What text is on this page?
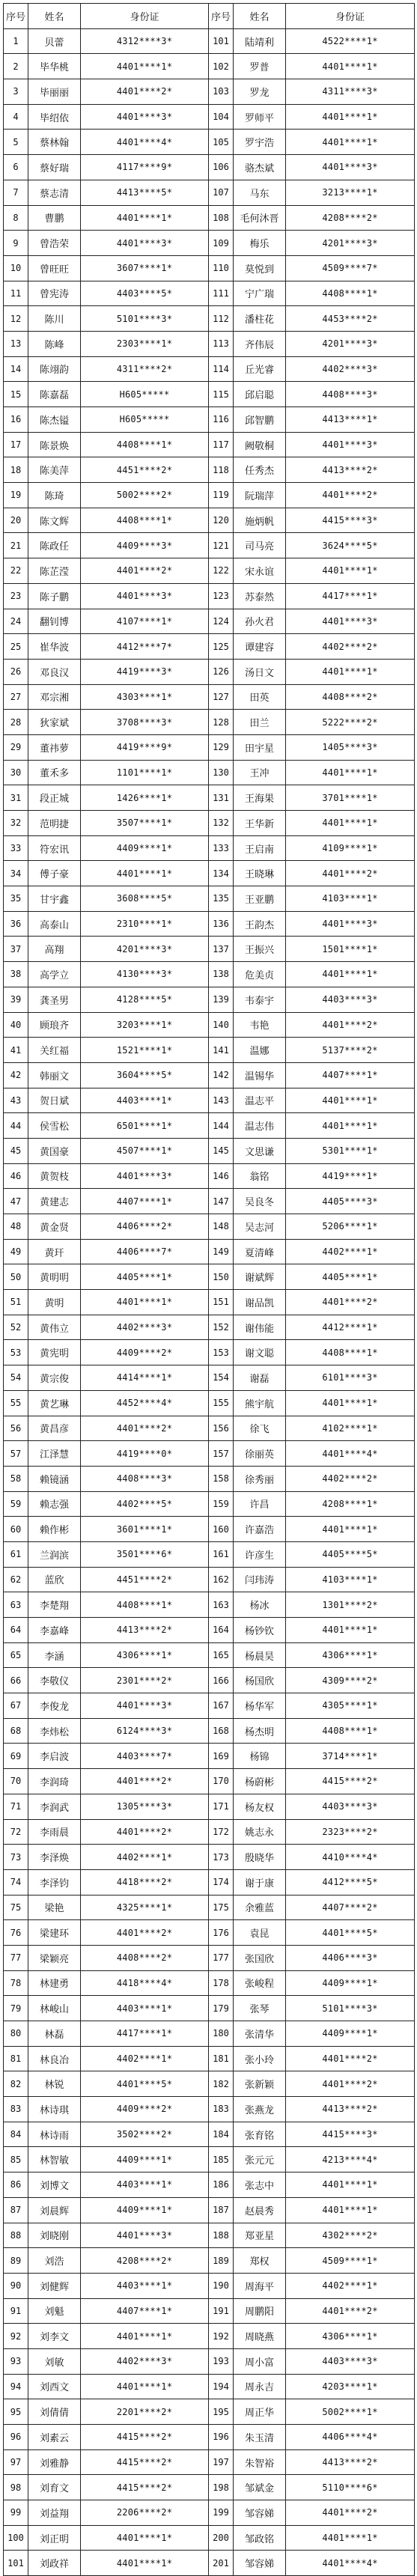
序号	姓名	身份证	序号	姓名	身份证
1	贝蕾	4312****3*	101	陆靖利	4522****1*
2	毕华桃	4401****1*	102	罗普	4401****1*
3	毕丽丽	4401****2*	103	罗龙	4311****3*
4	毕绍依	4401****3*	104	罗师平	4401****1*
5	蔡林翰	4401****4*	105	罗宇浩	4401****1*
6	蔡好瑞	4117****9*	106	骆杰斌	4401****3*
7	蔡志清	4413****5*	107	马东	3213****1*
8	曹鹏	4401****1*	108	毛何沐晋	4208****2*
9	曾浩荣	4401****3*	109	梅乐	4201****3*
10	曾旺旺	3607****1*	110	莫悦到	4509****7*
11	曾宪涛	4403****5*	111	宁广瑞	4408****1*
12	陈川	5101****3*	112	潘柱花	4453****2*
13	陈峰	2303****1*	113	齐伟辰	4201****3*
14	陈翊韵	4311****2*	114	丘光睿	4402****3*
15	陈嘉磊	H605*****	115	邱启聪	4408****3*
16	陈杰镒	H605*****	116	邱智鹏	4413****1*
17	陈景焕	4408****1*	117	阙敬桐	4401****3*
18	陈美萍	4451****2*	118	任秀杰	4413****2*
19	陈琦	5002****2*	119	阮瑞萍	4401****2*
20	陈文辉	4408****1*	120	施炳帆	4415****3*
21	陈政任	4409****3*	121	司马亮	3624****5*
22	陈芷滢	4401****2*	122	宋永谊	4401****1*
23	陈子鹏	4401****3*	123	苏泰然	4417****1*
24	翻钊博	4107****1*	124	孙火君	4401****3*
25	崔华波	4412****7*	125	谭建容	4402****2*
26	邓良汉	4419****3*	126	汤日文	4401****1*
27	邓宗湘	4303****1*	127	田英	4408****2*
28	狄家斌	3708****3*	128	田兰	5222****2*
29	董祎萝	4419****9*	129	田宇星	1405****3*
30	董禾多	1101****1*	130	王冲	4401****1*
31	段正城	1426****1*	131	王海果	3701****1*
32	范明捷	3507****1*	132	王华新	4401****1*
33	符宏讯	4409****1*	133	王启南	4109****1*
34	傅子豪	4401****1*	134	王晓琳	4401****2*
35	甘宇鑫	3608****5*	135	王亚鹏	4103****1*
36	高泰山	2310****1*	136	王韵杰	4401****3*
37	高翔	4201****3*	137	王振兴	1501****1*
38	高学立	4130****3*	138	危美贞	4401****1*
39	龚圣男	4128****5*	139	韦泰宇	4403****3*
40	顾琅齐	3203****1*	140	韦艳	4401****2*
41	关红福	1521****1*	141	温娜	5137****2*
42	韩丽文	3604****5*	142	温锡华	4407****1*
43	贺日斌	4403****1*	143	温志平	4401****1*
44	侯雪松	6501****1*	144	温志伟	4401****1*
45	黄国豪	4507****1*	145	文思谦	5301****1*
46	黄贺枝	4401****3*	146	翁铭	4419****1*
47	黄建志	4407****1*	147	吴良冬	4405****3*
48	黄金贤	4406****2*	148	吴志河	5206****1*
49	黄玕	4406****7*	149	夏清峰	4402****1*
50	黄明明	4405****1*	150	谢斌辉	4405****1*
51	黄明	4401****1*	151	谢品凯	4401****2*
52	黄伟立	4402****3*	152	谢伟能	4412****1*
53	黄宪明	4409****2*	153	谢文聪	4408****1*
54	黄宗俊	4414****1*	154	谢磊	6101****3*
55	黄艺琳	4452****4*	155	熊宇航	4401****1*
56	黄昌彦	4401****2*	156	徐飞	4102****1*
57	江泽慧	4419****0*	157	徐丽英	4401****4*
58	赖镜涵	4408****3*	158	徐秀丽	4402****2*
59	赖志强	4402****5*	159	许昌	4208****1*
60	赖作彬	3601****1*	160	许嘉浩	4401****1*
61	兰润滨	3501****6*	161	许彦生	4405****5*
62	蓝欣	4451****2*	162	闫玮涛	4103****1*
63	李楚翔	4408****1*	163	杨冰	1301****2*
64	李嘉峰	4413****2*	164	杨钞钦	4401****1*
65	李涵	4306****1*	165	杨晨昊	4306****1*
66	李敬仪	2301****2*	166	杨国欣	4309****2*
67	李俊龙	4401****3*	167	杨华军	4305****1*
68	李炜松	6124****3*	168	杨杰明	4408****1*
69	李启波	4403****7*	169	杨锦	3714****1*
70	李润琦	4401****2*	170	杨蔚彬	4415****2*
71	李润武	1305****3*	171	杨友权	4403****3*
72	李雨晨	4401****2*	172	姚志永	2323****2*
73	李泽焕	4402****1*	173	殷晓华	4410****4*
74	李泽钧	4418****2*	174	谢于康	4412****5*
75	梁艳	4325****1*	175	余雅蓝	4407****2*
76	梁建环	4401****2*	176	袁昆	4401****5*
77	梁颖亮	4408****2*	177	张国欣	4406****3*
78	林建勇	4418****4*	178	张峻程	4409****1*
79	林峻山	4403****1*	179	张琴	5101****3*
80	林磊	4417****1*	180	张清华	4409****1*
81	林良冶	4402****1*	181	张小玲	4401****2*
82	林锐	4401****5*	182	张新颖	4401****2*
83	林诗琪	4409****2*	183	张燕龙	4413****2*
84	林诗雨	3502****2*	184	张育铭	4415****3*
85	林智敏	4409****1*	185	张元元	4213****4*
86	刘博文	4403****1*	186	张志中	4401****1*
87	刘晨辉	4409****1*	187	赵晨秀	4401****1*
88	刘晓刚	4401****3*	188	郑亚星	4302****2*
89	刘浩	4208****2*	189	郑权	4509****1*
90	刘健辉	4403****1*	190	周海平	4402****1*
91	刘魁	4407****1*	191	周鹏阳	4401****2*
92	刘李文	4401****1*	192	周晓燕	4306****1*
93	刘敏	4402****3*	193	周小富	4403****3*
94	刘西文	4401****1*	194	周永吉	4203****1*
95	刘倩倩	2201****2*	195	周正华	5002****1*
96	刘素云	4415****2*	196	朱玉清	4406****4*
97	刘雅静	4415****2*	197	朱智裕	4413****2*
98	刘育文	4415****2*	198	邹斌金	5110****6*
99	刘益翔	2206****2*	199	邹容娣	4401****2*
100	刘正明	4401****1*	200	邹政铭	4401****1*
101	刘政祥	4401****1*	201	邹容娣	4401****4*
